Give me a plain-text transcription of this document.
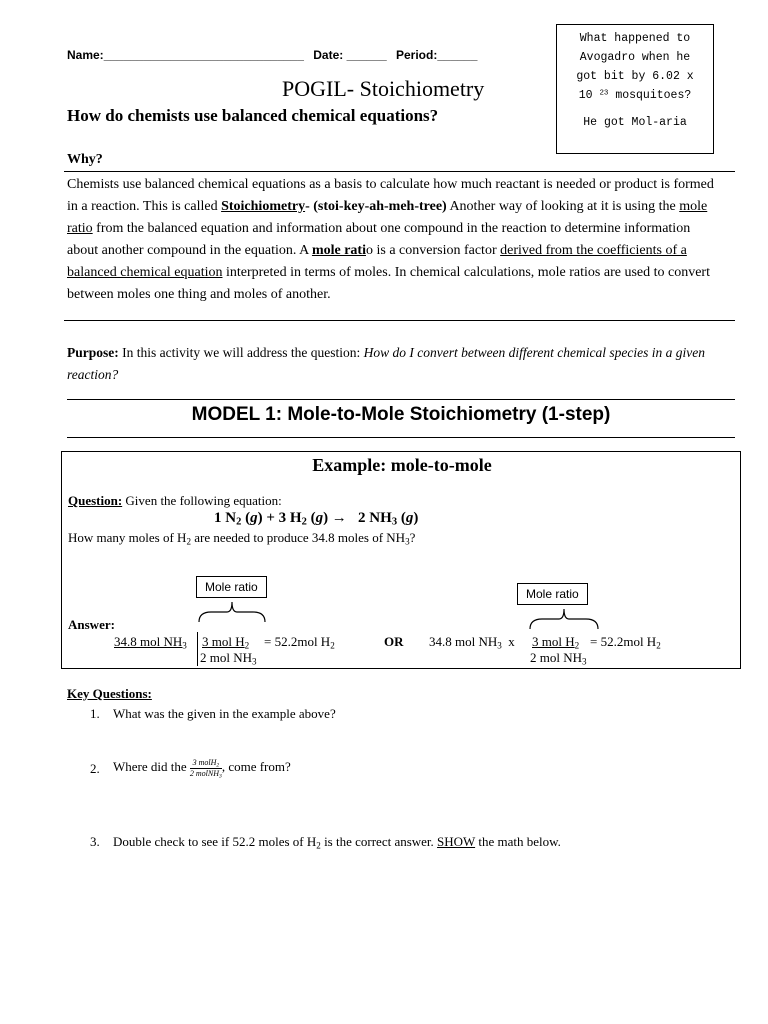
Name:______________________________ Date: ______ Period:______
POGIL- Stoichiometry
How do chemists use balanced chemical equations?
What happened to
Avogadro when he
got bit by 6.02 x
10 $^{23}$ mosquitoes?
He got Mol-aria
Why?
Chemists use balanced chemical equations as a basis to calculate how much reactant is needed or product is formed in a reaction. This is called Stoichiometry- (stoi-key-ah-meh-tree) Another way of looking at it is using the mole ratio from the balanced equation and information about one compound in the reaction to determine information about another compound in the equation. A mole ratio is a conversion factor derived from the coefficients of a balanced chemical equation interpreted in terms of moles. In chemical calculations, mole ratios are used to convert between moles one thing and moles of another.
Purpose: In this activity we will address the question: How do I convert between different chemical species in a given reaction?
MODEL 1: Mole-to-Mole Stoichiometry (1-step)
Example: mole-to-mole
Question: Given the following equation:
1 $N_2$ (g) + 3 $H_2$ (g) →   2 $NH_3$ (g)
How many moles of $H_2$ are needed to produce 34.8 moles of $NH_3$?
Mole ratio	Mole ratio
Answer:
34.8 mol $NH_3$ 3 mol $H_2 = 52.2mol$ $H_2$
2 mol $NH_3$
OR 34.8 mol $NH_3$ x 3 mol $H_2 = 52.2mol$ $H_2$
2 mol $NH_3$
Key Questions:
1. What was the given in the example above?
2. Where did the $\frac{3 molH_2}{2 molNH_3}$ , come from?
3. Double check to see if 52.2 moles of $H_2$ is the correct answer. SHOW the math below.
